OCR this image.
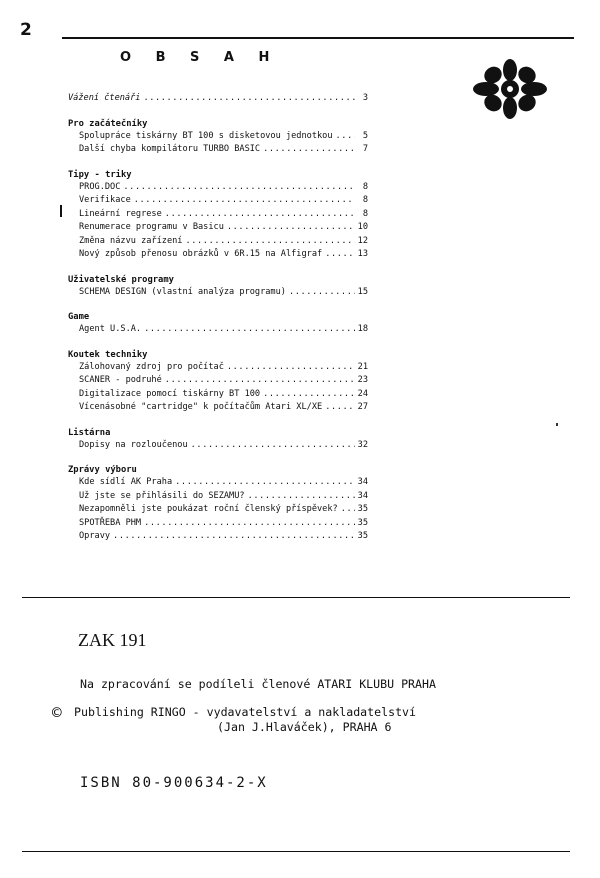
2
O B S A H
Vážení čtenáři .....	3
Pro začátečníky
Spolupráce tiskárny BT 100 s disketovou jednotkou .....	5
Další chyba kompilátoru TURBO BASIC .....	7
Tipy - triky
PROG.DOC .....	8
Verifikace .....	8
Lineární regrese .....	8
Renumerace programu v Basicu .....	10
Změna názvu zařízení .....	12
Nový způsob přenosu obrázků v 6R.15 na Alfigraf .....	13
Uživatelské programy
SCHEMA DESIGN (vlastní analýza programu) .....	15
Game
Agent U.S.A. .....	18
Koutek techniky
Zálohovaný zdroj pro počítač .....	21
SCANER - podruhé .....	23
Digitalizace pomocí tiskárny BT 100 .....	24
Vícenásobné "cartridge" k počítačům Atari XL/XE .....	27
Listárna
Dopisy na rozloučenou .....	32
Zprávy výboru
Kde sídlí AK Praha .....	34
Už jste se přihlásili do SEZAMU? .....	34
Nezapomněli jste poukázat roční členský příspěvek? ..... 35
SPOTŘEBA PHM .....	35
Opravy .....	35
ZAK 191
Na zpracování se podíleli členové ATARI KLUBU PRAHA
© Publishing RINGO - vydavatelství a nakladatelství
(Jan J.Hlaváček), PRAHA 6
ISBN 80-900634-2-X
